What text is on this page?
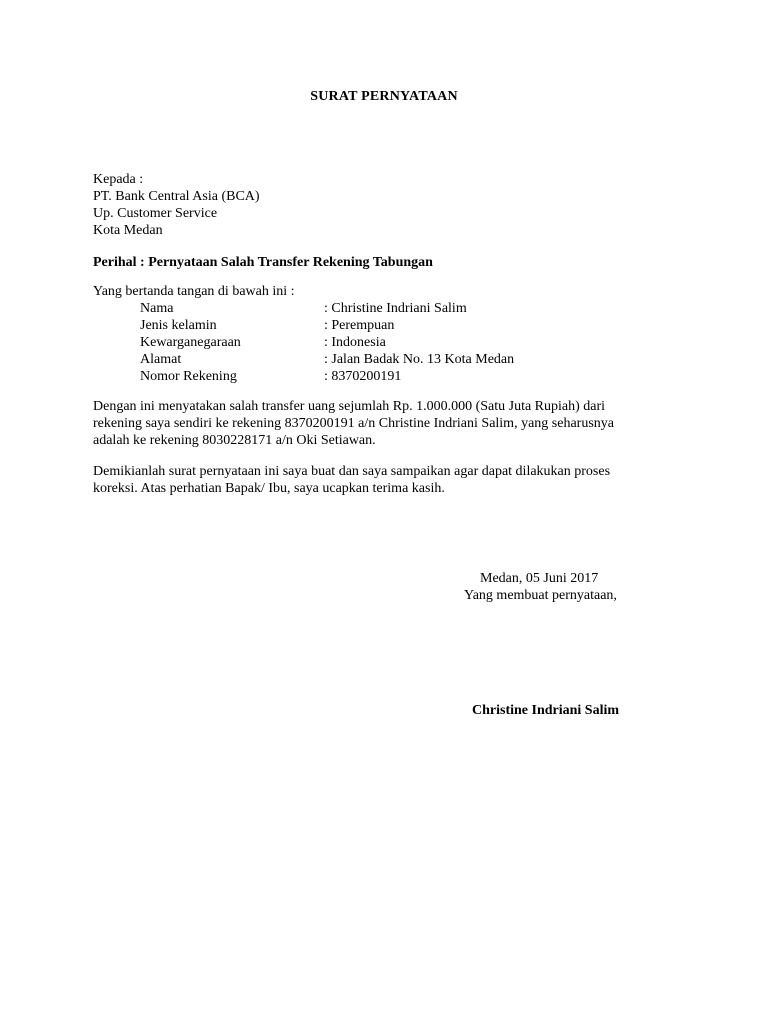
SURAT PERNYATAAN
Kepada :
PT. Bank Central Asia (BCA)
Up. Customer Service
Kota Medan
Perihal : Pernyataan Salah Transfer Rekening Tabungan
Yang bertanda tangan di bawah ini :
Nama	: Christine Indriani Salim
Jenis kelamin	: Perempuan
Kewarganegaraan	: Indonesia
Alamat	: Jalan Badak No. 13 Kota Medan
Nomor Rekening	: 8370200191
Dengan ini menyatakan salah transfer uang sejumlah Rp. 1.000.000 (Satu Juta Rupiah) dari
rekening saya sendiri ke rekening 8370200191 a/n Christine Indriani Salim, yang seharusnya
adalah ke rekening 8030228171 a/n Oki Setiawan.
Demikianlah surat pernyataan ini saya buat dan saya sampaikan agar dapat dilakukan proses
koreksi. Atas perhatian Bapak/ Ibu, saya ucapkan terima kasih.
Medan, 05 Juni 2017
Yang membuat pernyataan,
Christine Indriani Salim
